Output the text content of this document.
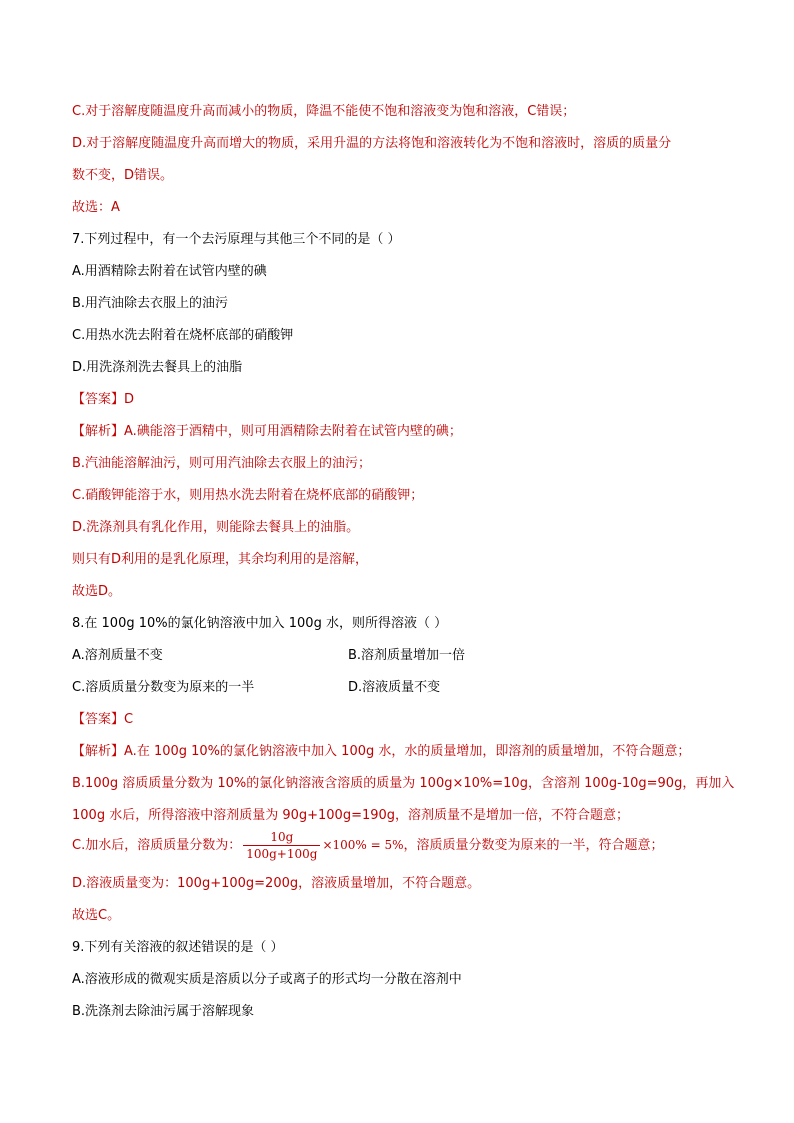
C.对于溶解度随温度升高而减小的物质，降温不能使不饱和溶液变为饱和溶液，C错误；
D.对于溶解度随温度升高而增大的物质，采用升温的方法将饱和溶液转化为不饱和溶液时，溶质的质量分
数不变，D错误。
故选：A
7.下列过程中，有一个去污原理与其他三个不同的是（ ）
A.用酒精除去附着在试管内壁的碘
B.用汽油除去衣服上的油污
C.用热水洗去附着在烧杯底部的硝酸钾
D.用洗涤剂洗去餐具上的油脂
【答案】D
【解析】A.碘能溶于酒精中，则可用酒精除去附着在试管内壁的碘；
B.汽油能溶解油污，则可用汽油除去衣服上的油污；
C.硝酸钾能溶于水，则用热水洗去附着在烧杯底部的硝酸钾；
D.洗涤剂具有乳化作用，则能除去餐具上的油脂。
则只有D利用的是乳化原理，其余均利用的是溶解，
故选D。
8.在 100g 10%的氯化钠溶液中加入 100g 水，则所得溶液（ ）
A.溶剂质量不变	B.溶剂质量增加一倍
C.溶质质量分数变为原来的一半	D.溶液质量不变
【答案】C
【解析】A.在 100g 10%的氯化钠溶液中加入 100g 水，水的质量增加，即溶剂的质量增加，不符合题意；
B.100g 溶质质量分数为 10%的氯化钠溶液含溶质的质量为 100g×10%=10g，含溶剂 100g-10g=90g，再加入
100g 水后，所得溶液中溶剂质量为 90g+100g=190g，溶剂质量不是增加一倍，不符合题意；
C.加水后，溶质质量分数为： $\frac{10g}{100g+100g} \times 100\% = 5\%$，溶质质量分数变为原来的一半，符合题意；
D.溶液质量变为：100g+100g=200g，溶液质量增加，不符合题意。
故选C。
9.下列有关溶液的叙述错误的是（ ）
A.溶液形成的微观实质是溶质以分子或离子的形式均一分散在溶剂中
B.洗涤剂去除油污属于溶解现象
